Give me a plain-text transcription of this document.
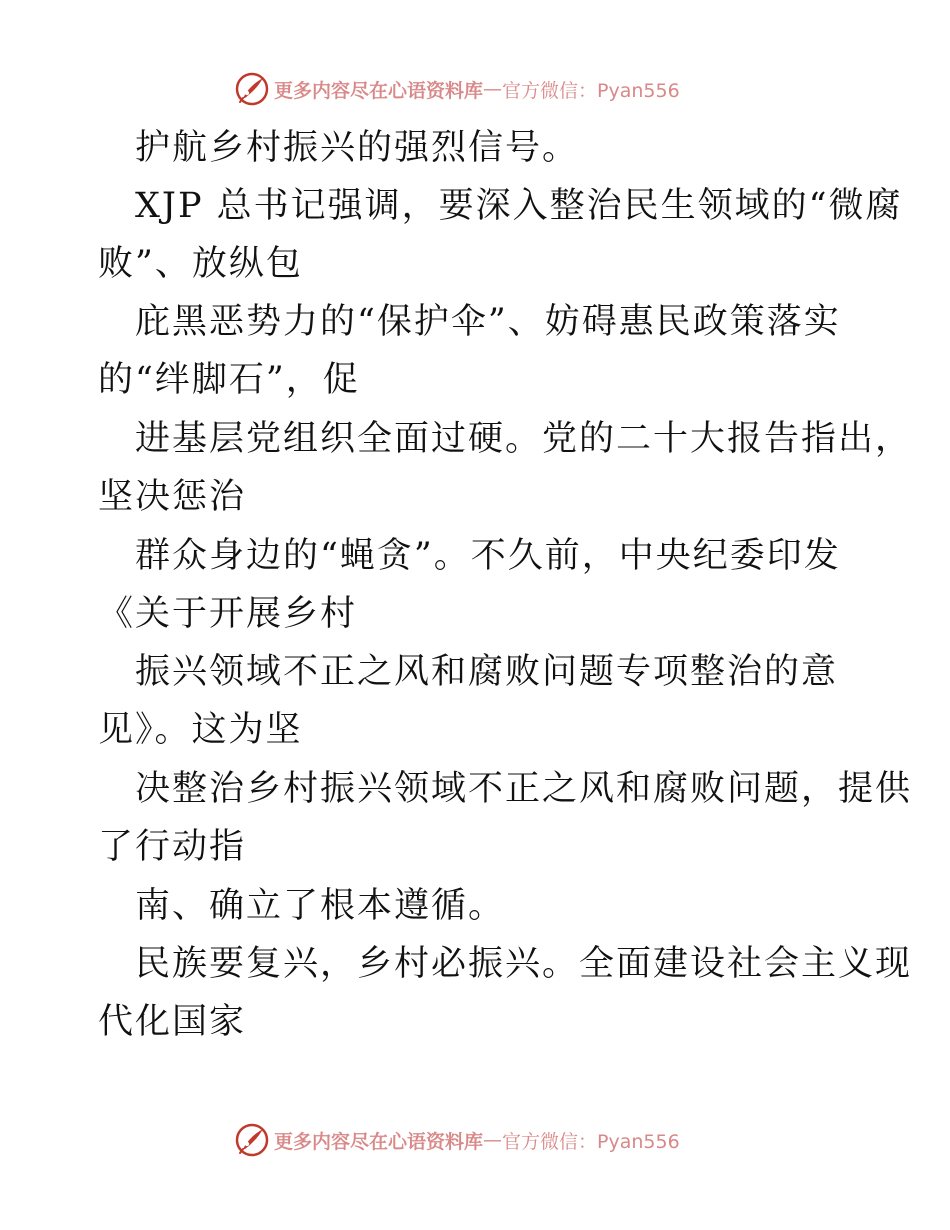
更多内容尽在心语资料库 — 官方微信：Pyan556
护航乡村振兴的强烈信号。
XJP 总书记强调，要深入整治民生领域的“微腐
败”、放纵包
庇黑恶势力的“保护伞”、妨碍惠民政策落实
的“绊脚石”，促
进基层党组织全面过硬。党的二十大报告指出，
坚决惩治
群众身边的“蝇贪”。不久前，中央纪委印发
《关于开展乡村
振兴领域不正之风和腐败问题专项整治的意
见》。这为坚
决整治乡村振兴领域不正之风和腐败问题，提供
了行动指
南、确立了根本遵循。
民族要复兴，乡村必振兴。全面建设社会主义现
代化国家
更多内容尽在心语资料库 — 官方微信：Pyan556
